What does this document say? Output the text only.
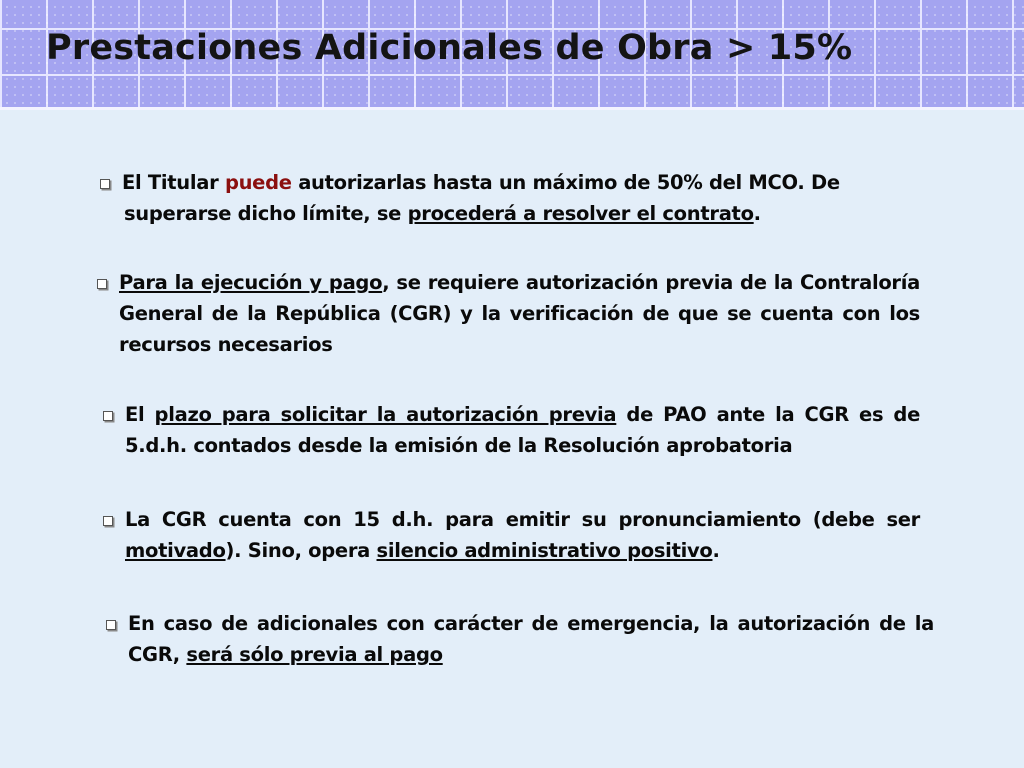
Prestaciones Adicionales de Obra > 15%
El Titular puede autorizarlas hasta un máximo de 50% del MCO. De
superarse dicho límite, se procederá a resolver el contrato.
Para la ejecución y pago, se requiere autorización previa de la Contraloría General de la República (CGR) y la verificación de que se cuenta con los recursos necesarios
El plazo para solicitar la autorización previa de PAO ante la CGR es de 5.d.h. contados desde la emisión de la Resolución aprobatoria
La CGR cuenta con 15 d.h. para emitir su pronunciamiento (debe ser motivado). Sino, opera silencio administrativo positivo.
En caso de adicionales con carácter de emergencia, la autorización de la CGR, será sólo previa al pago
